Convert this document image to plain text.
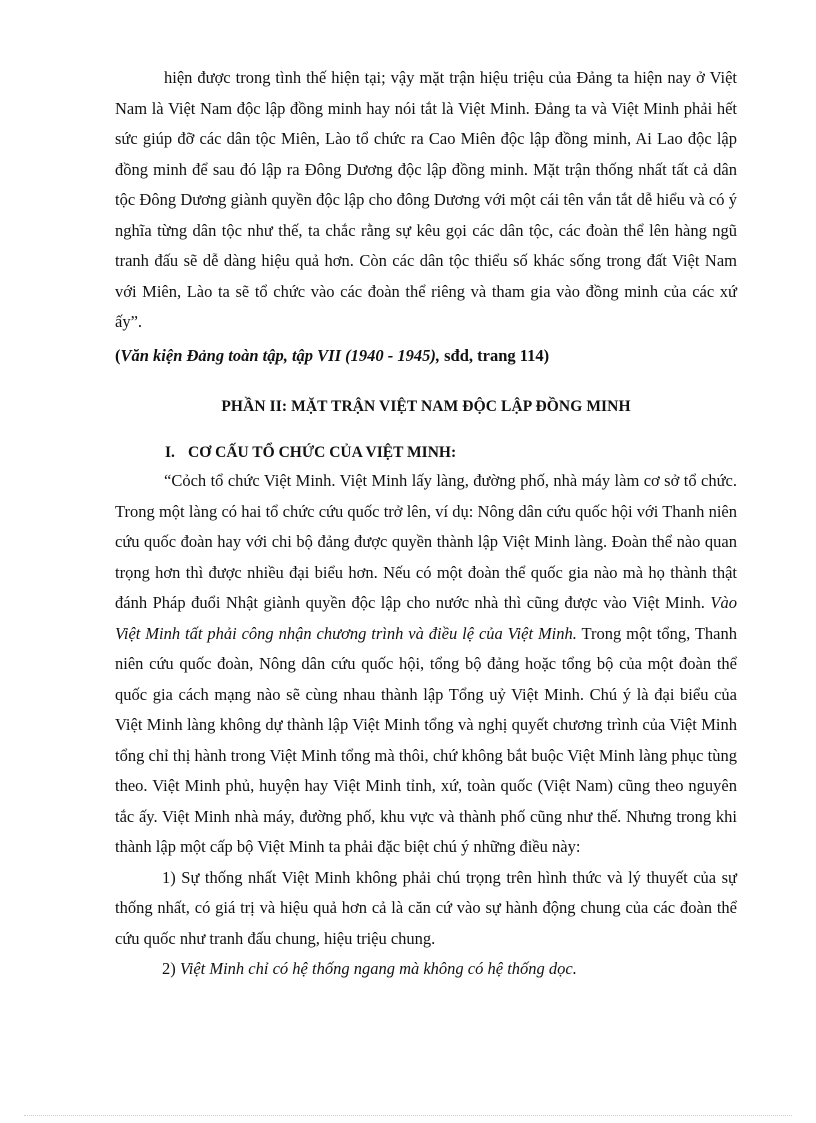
hiện được trong tình thế hiện tại; vậy mặt trận hiệu triệu của Đảng ta hiện nay ở Việt Nam là Việt Nam độc lập đồng minh hay nói tắt là Việt Minh. Đảng ta và Việt Minh phải hết sức giúp đỡ các dân tộc Miên, Lào tổ chức ra Cao Miên độc lập đồng minh, Ai Lao độc lập đồng minh để sau đó lập ra Đông Dương độc lập đồng minh. Mặt trận thống nhất tất cả dân tộc Đông Dương giành quyền độc lập cho đông Dương với một cái tên vắn tắt dễ hiểu và có ý nghĩa từng dân tộc như thế, ta chắc rằng sự kêu gọi các dân tộc, các đoàn thể lên hàng ngũ tranh đấu sẽ dễ dàng hiệu quả hơn. Còn các dân tộc thiểu số khác sống trong đất Việt Nam với Miên, Lào ta sẽ tổ chức vào các đoàn thể riêng và tham gia vào đồng minh của các xứ ấy”.

(Văn kiện Đảng toàn tập, tập VII (1940 - 1945), sđd, trang 114)

PHẦN II: MẶT TRẬN VIỆT NAM ĐỘC LẬP ĐỒNG MINH
I. CƠ CẤU TỔ CHỨC CỦA VIỆT MINH:

“Cỏch tổ chức Việt Minh. Việt Minh lấy làng, đường phố, nhà máy làm cơ sở tổ chức. Trong một làng có hai tổ chức cứu quốc trở lên, ví dụ: Nông dân cứu quốc hội với Thanh niên cứu quốc đoàn hay với chi bộ đảng được quyền thành lập Việt Minh làng. Đoàn thể nào quan trọng hơn thì được nhiều đại biểu hơn. Nếu có một đoàn thể quốc gia nào mà họ thành thật đánh Pháp đuổi Nhật giành quyền độc lập cho nước nhà thì cũng được vào Việt Minh. Vào Việt Minh tất phải công nhận chương trình và điều lệ của Việt Minh. Trong một tổng, Thanh niên cứu quốc đoàn, Nông dân cứu quốc hội, tổng bộ đảng hoặc tổng bộ của một đoàn thể quốc gia cách mạng nào sẽ cùng nhau thành lập Tổng uỷ Việt Minh. Chú ý là đại biểu của Việt Minh làng không dự thành lập Việt Minh tổng và nghị quyết chương trình của Việt Minh tổng chỉ thị hành trong Việt Minh tổng mà thôi, chứ không bắt buộc Việt Minh làng phục tùng theo. Việt Minh phủ, huyện hay Việt Minh tỉnh, xứ, toàn quốc (Việt Nam) cũng theo nguyên tắc ấy. Việt Minh nhà máy, đường phố, khu vực và thành phố cũng như thế. Nhưng trong khi thành lập một cấp bộ Việt Minh ta phải đặc biệt chú ý những điều này:

1) Sự thống nhất Việt Minh không phải chú trọng trên hình thức và lý thuyết của sự thống nhất, có giá trị và hiệu quả hơn cả là căn cứ vào sự hành động chung của các đoàn thể cứu quốc như tranh đấu chung, hiệu triệu chung.

2) Việt Minh chỉ có hệ thống ngang mà không có hệ thống dọc.
